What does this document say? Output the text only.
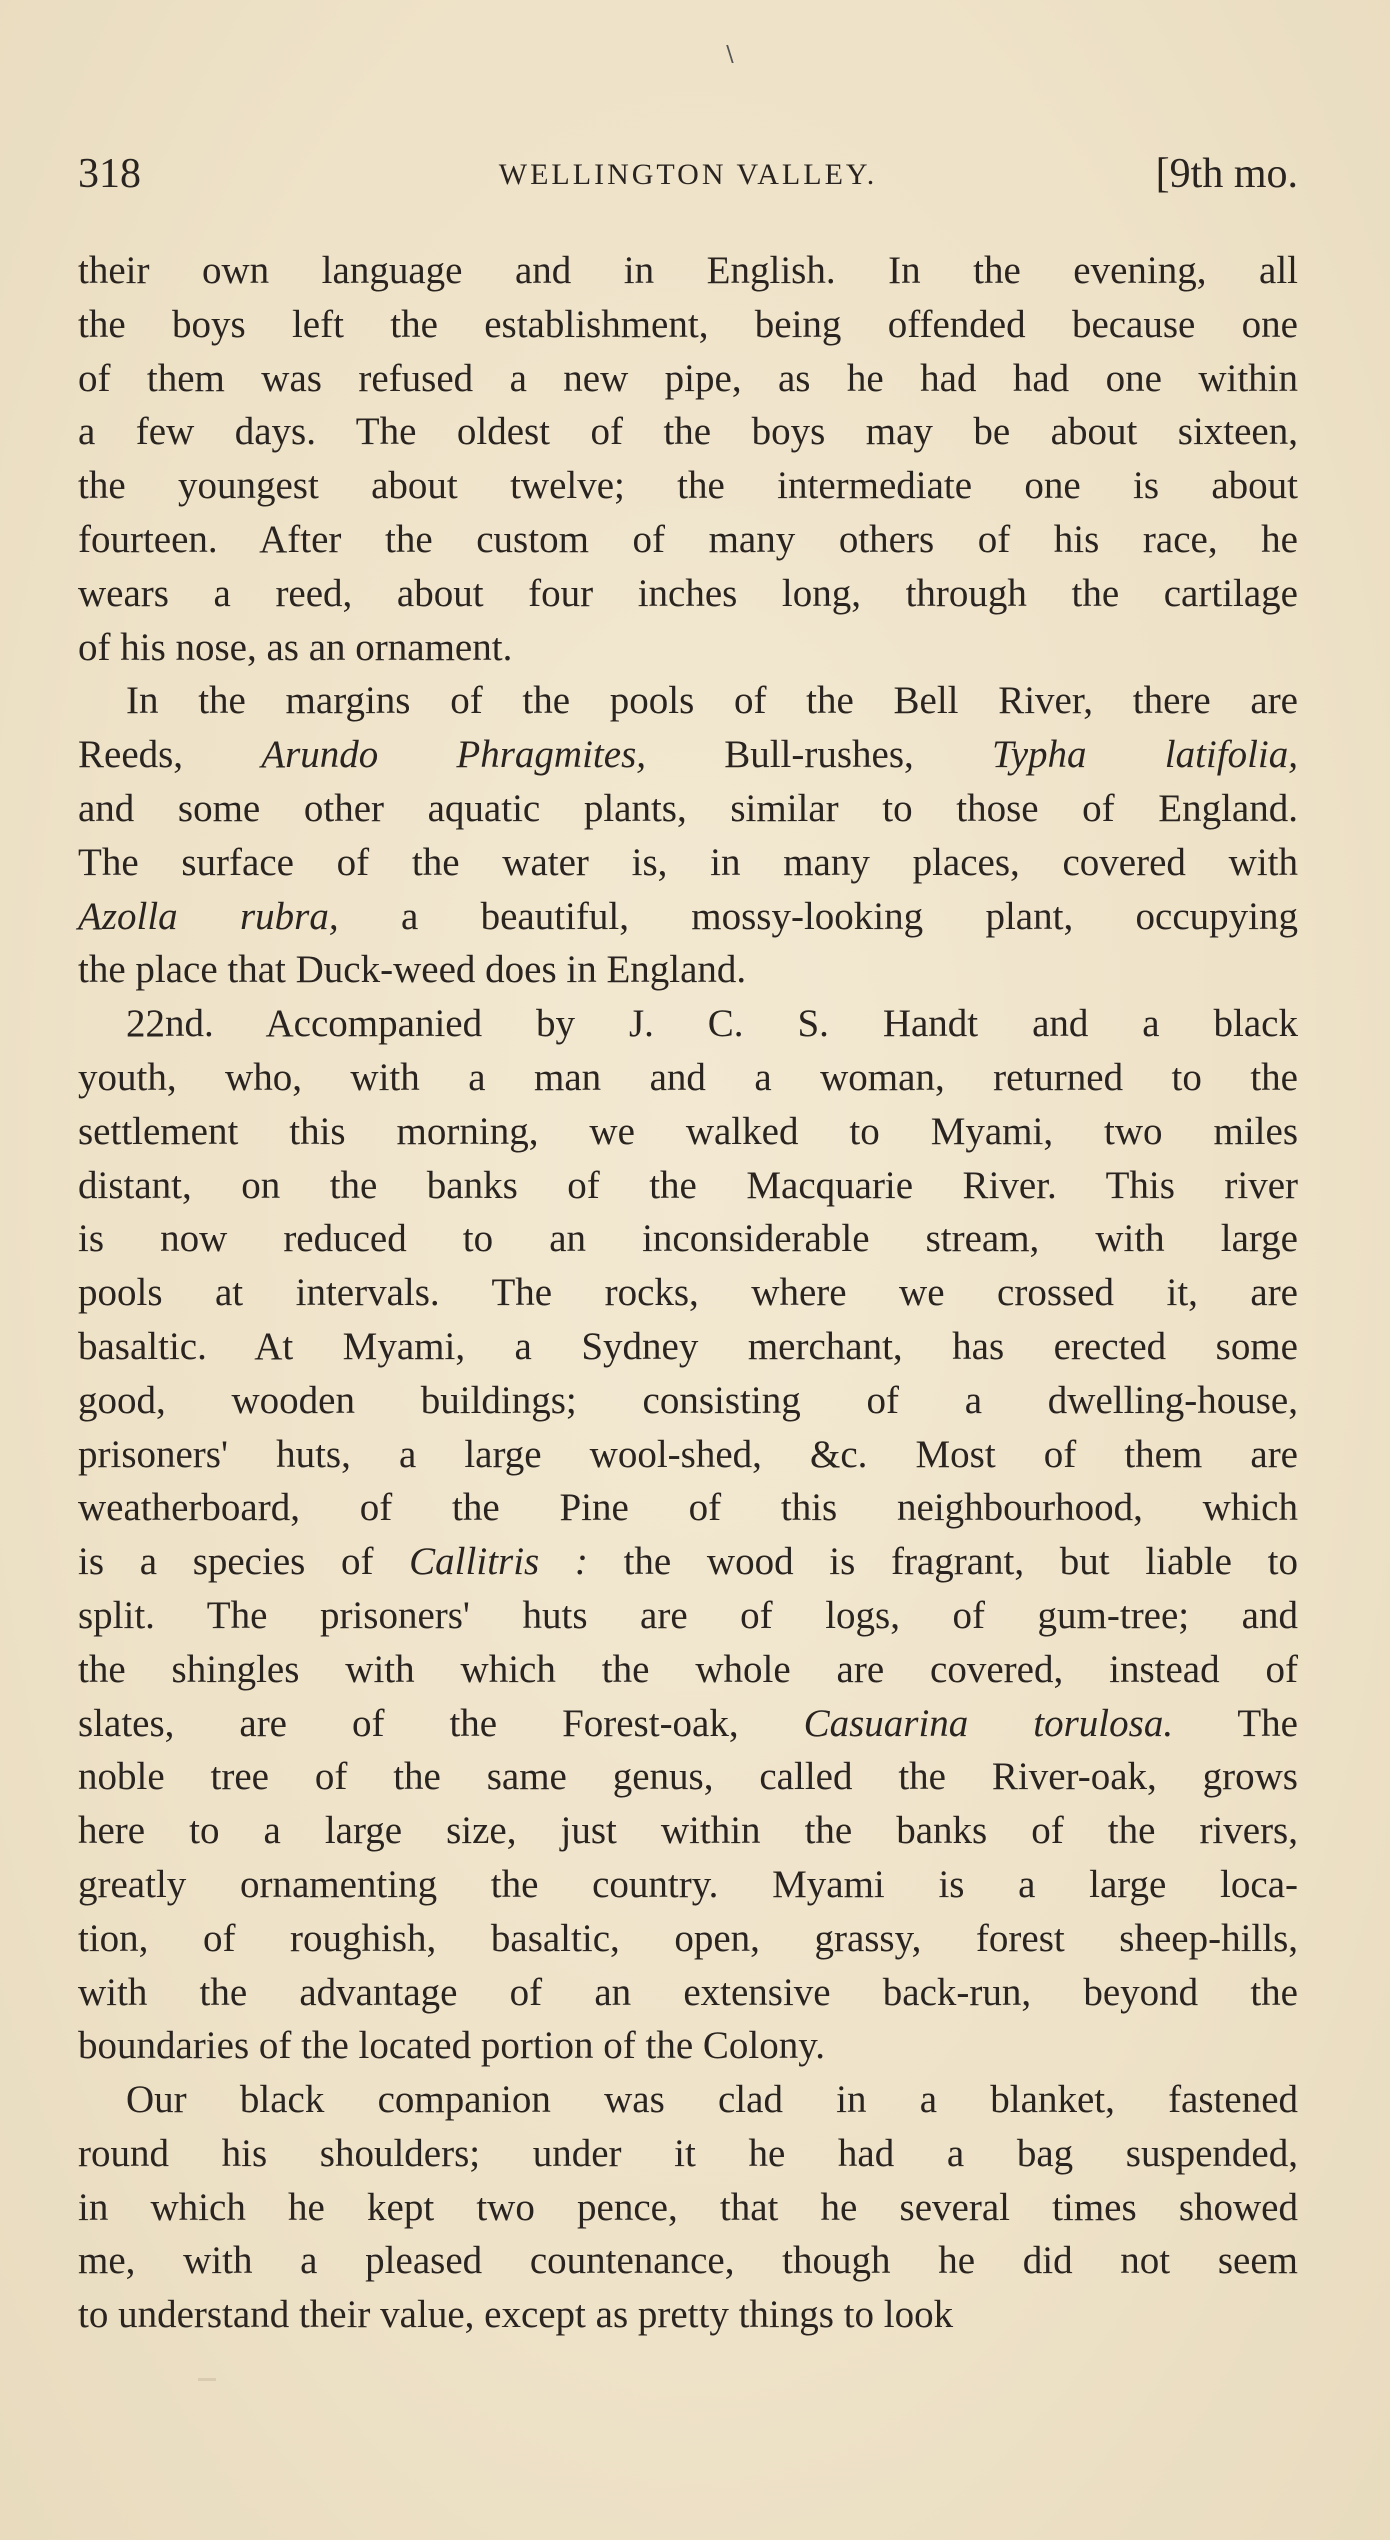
∖
318	WELLINGTON VALLEY.	[9th mo.
their own language and in English. In the evening, all
the boys left the establishment, being offended because one
of them was refused a new pipe, as he had had one within
a few days. The oldest of the boys may be about sixteen,
the youngest about twelve; the intermediate one is about
fourteen. After the custom of many others of his race, he
wears a reed, about four inches long, through the cartilage
of his nose, as an ornament.
In the margins of the pools of the Bell River, there are
Reeds, Arundo Phragmites, Bull-rushes, Typha latifolia,
and some other aquatic plants, similar to those of England.
The surface of the water is, in many places, covered with
Azolla rubra, a beautiful, mossy-looking plant, occupying
the place that Duck-weed does in England.
22nd. Accompanied by J. C. S. Handt and a black
youth, who, with a man and a woman, returned to the
settlement this morning, we walked to Myami, two miles
distant, on the banks of the Macquarie River. This river
is now reduced to an inconsiderable stream, with large
pools at intervals. The rocks, where we crossed it, are
basaltic. At Myami, a Sydney merchant, has erected some
good, wooden buildings; consisting of a dwelling-house,
prisoners' huts, a large wool-shed, &c. Most of them are
weatherboard, of the Pine of this neighbourhood, which
is a species of Callitris : the wood is fragrant, but liable to
split. The prisoners' huts are of logs, of gum-tree; and
the shingles with which the whole are covered, instead of
slates, are of the Forest-oak, Casuarina torulosa. The
noble tree of the same genus, called the River-oak, grows
here to a large size, just within the banks of the rivers,
greatly ornamenting the country. Myami is a large loca-
tion, of roughish, basaltic, open, grassy, forest sheep-hills,
with the advantage of an extensive back-run, beyond the
boundaries of the located portion of the Colony.
Our black companion was clad in a blanket, fastened
round his shoulders; under it he had a bag suspended,
in which he kept two pence, that he several times showed
me, with a pleased countenance, though he did not seem
to understand their value, except as pretty things to look
